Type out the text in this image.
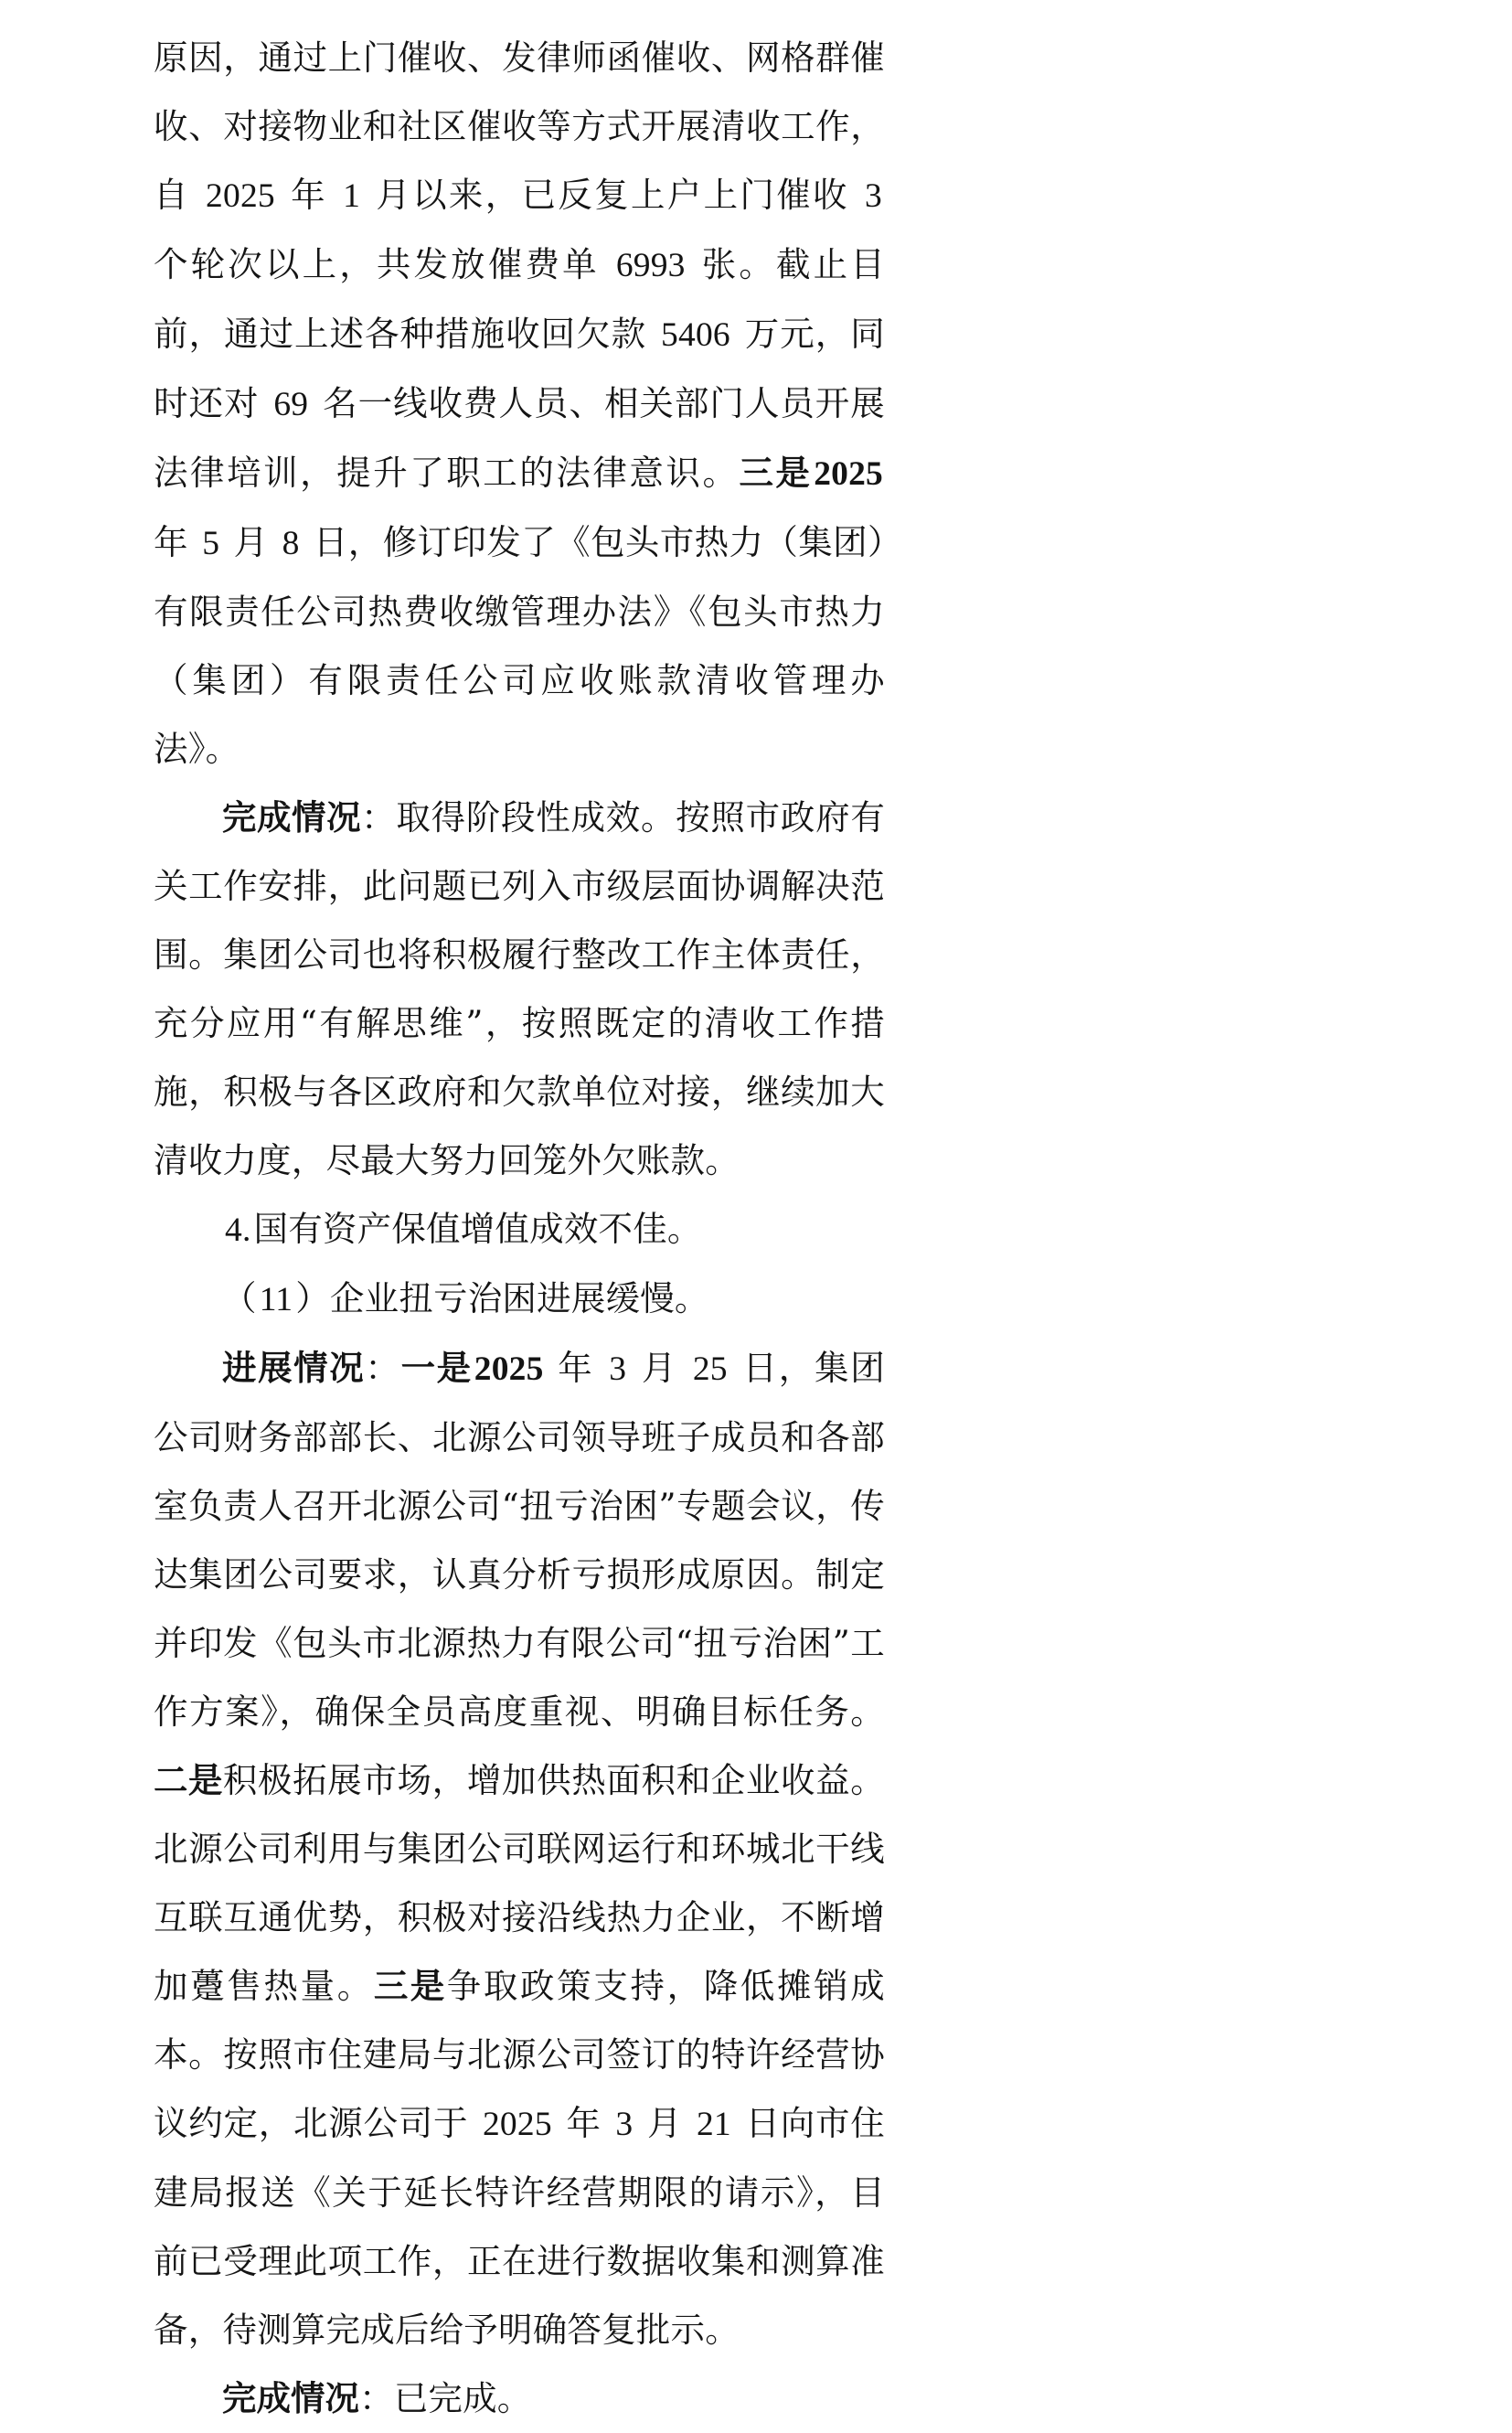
原因，通过上门催收、发律师函催收、网格群催收、对接物业和社区催收等方式开展清收工作，自 2025 年 1 月以来，已反复上户上门催收 3 个轮次以上，共发放催费单 6993 张。截止目前，通过上述各种措施收回欠款 5406 万元，同时还对 69 名一线收费人员、相关部门人员开展法律培训，提升了职工的法律意识。三是2025 年 5 月 8 日，修订印发了《包头市热力（集团）有限责任公司热费收缴管理办法》《包头市热力（集团）有限责任公司应收账款清收管理办法》。

完成情况：取得阶段性成效。按照市政府有关工作安排，此问题已列入市级层面协调解决范围。集团公司也将积极履行整改工作主体责任，充分应用“有解思维”，按照既定的清收工作措施，积极与各区政府和欠款单位对接，继续加大清收力度，尽最大努力回笼外欠账款。

4.国有资产保值增值成效不佳。

（11）企业扭亏治困进展缓慢。

进展情况：一是2025 年 3 月 25 日，集团公司财务部部长、北源公司领导班子成员和各部室负责人召开北源公司“扭亏治困”专题会议，传达集团公司要求，认真分析亏损形成原因。制定并印发《包头市北源热力有限公司“扭亏治困”工作方案》，确保全员高度重视、明确目标任务。二是积极拓展市场，增加供热面积和企业收益。北源公司利用与集团公司联网运行和环城北干线互联互通优势，积极对接沿线热力企业，不断增加躉售热量。三是争取政策支持，降低摊销成本。按照市住建局与北源公司签订的特许经营协议约定，北源公司于 2025 年 3 月 21 日向市住建局报送《关于延长特许经营期限的请示》，目前已受理此项工作，正在进行数据收集和测算准备，待测算完成后给予明确答复批示。

完成情况：已完成。
